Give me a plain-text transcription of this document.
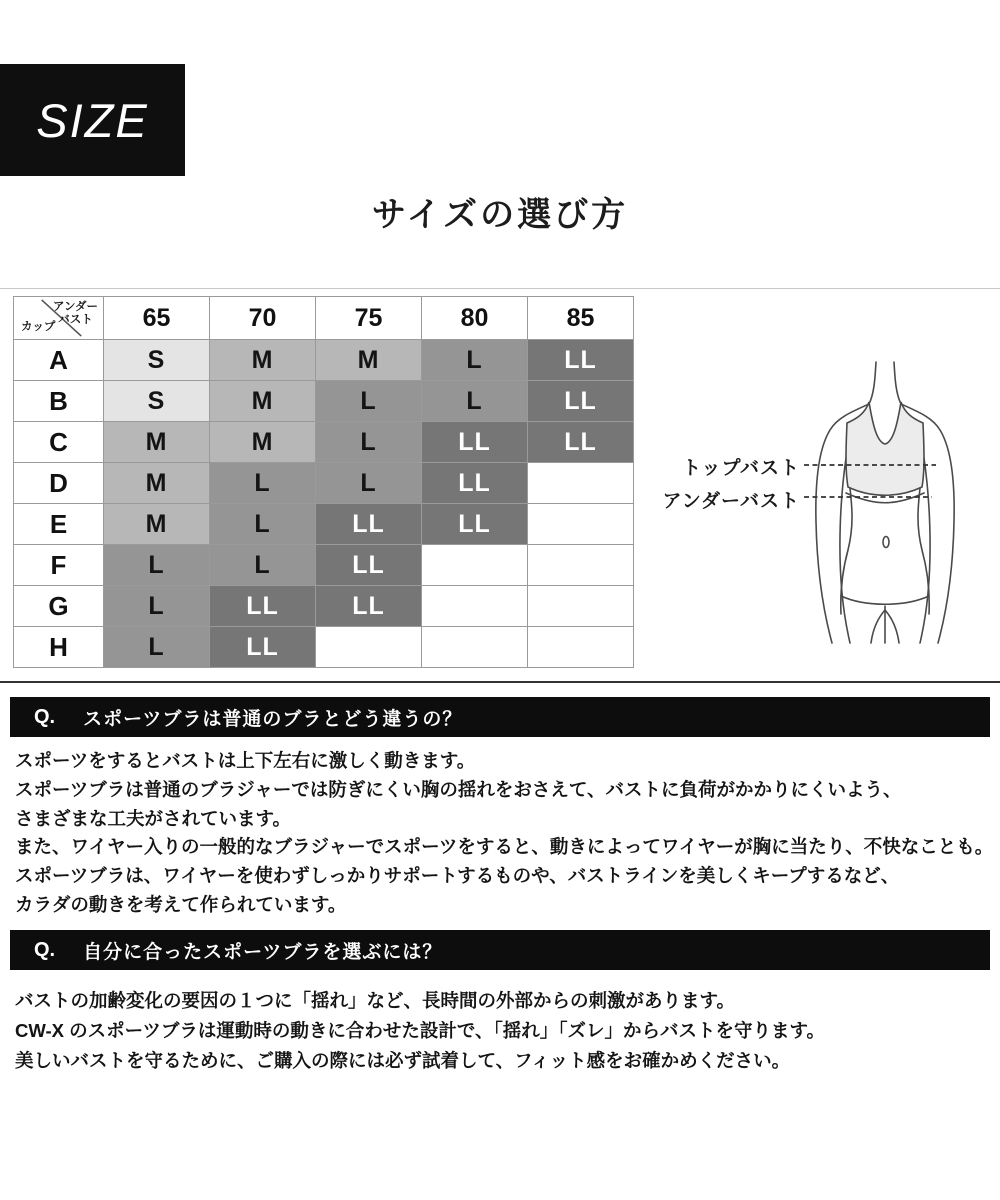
SIZE
サイズの選び方
アンダー
バスト
カップ	65	70	75	80	85
A	S	M	M	L	LL
B	S	M	L	L	LL
C	M	M	L	LL	LL
D	M	L	L	LL	
E	M	L	LL	LL	
F	L	L	LL		
G	L	LL	LL		
H	L	LL			
トップバスト
アンダーバスト
Q. スポーツブラは普通のブラとどう違うの？
スポーツをするとバストは上下左右に激しく動きます。
スポーツブラは普通のブラジャーでは防ぎにくい胸の揺れをおさえて、バストに負荷がかかりにくいよう、
さまざまな工夫がされています。
また、ワイヤー入りの一般的なブラジャーでスポーツをすると、動きによってワイヤーが胸に当たり、不快なことも。
スポーツブラは、ワイヤーを使わずしっかりサポートするものや、バストラインを美しくキープするなど、
カラダの動きを考えて作られています。
Q. 自分に合ったスポーツブラを選ぶには？
バストの加齢変化の要因の１つに「揺れ」など、長時間の外部からの刺激があります。
CW-X のスポーツブラは運動時の動きに合わせた設計で、「揺れ」「ズレ」からバストを守ります。
美しいバストを守るために、ご購入の際には必ず試着して、フィット感をお確かめください。
